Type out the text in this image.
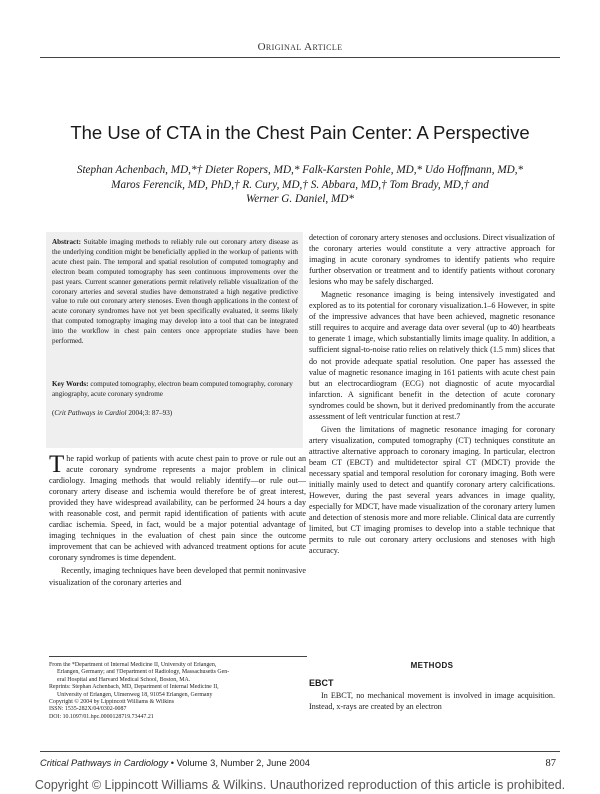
Original Article
The Use of CTA in the Chest Pain Center: A Perspective
Stephan Achenbach, MD,*† Dieter Ropers, MD,* Falk-Karsten Pohle, MD,* Udo Hoffmann, MD,*
Maros Ferencik, MD, PhD,† R. Cury, MD,† S. Abbara, MD,† Tom Brady, MD,† and
Werner G. Daniel, MD*
Abstract: Suitable imaging methods to reliably rule out coronary artery disease as the underlying condition might be beneficially applied in the workup of patients with acute chest pain. The temporal and spatial resolution of computed tomography and electron beam computed tomography has seen continuous improvements over the past years. Current scanner generations permit relatively reliable visualization of the coronary arteries and several studies have demonstrated a high negative predictive value to rule out coronary artery stenoses. Even though applications in the context of acute coronary syndromes have not yet been specifically evaluated, it seems likely that computed tomography imaging may develop into a tool that can be integrated into the workflow in chest pain centers once appropriate studies have been performed.
Key Words: computed tomography, electron beam computed tomography, coronary angiography, acute coronary syndrome
(Crit Pathways in Cardiol 2004;3: 87–93)

The rapid workup of patients with acute chest pain to prove or rule out an acute coronary syndrome represents a major problem in clinical cardiology. Imaging methods that would reliably identify—or rule out—coronary artery disease and ischemia would therefore be of great interest, provided they have widespread availability, can be performed 24 hours a day with reasonable cost, and permit rapid identification of patients with acute cardiac ischemia. Speed, in fact, would be a major potential advantage of imaging techniques in the evaluation of chest pain since the outcome improvement that can be achieved with advanced treatment options for acute coronary syndromes is time dependent.

Recently, imaging techniques have been developed that permit noninvasive visualization of the coronary arteries and

From the *Department of Internal Medicine II, University of Erlangen,
Erlangen, Germany; and †Department of Radiology, Massachusetts Gen-
eral Hospital and Harvard Medical School, Boston, MA.
Reprints: Stephan Achenbach, MD, Department of Internal Medicine II,
University of Erlangen, Ulmenweg 18, 91054 Erlangen, Germany
Copyright © 2004 by Lippincott Williams & Wilkins
ISSN: 1535-282X/04/0302-0087
DOI: 10.1097/01.hpc.0000128719.73447.21

detection of coronary artery stenoses and occlusions. Direct visualization of the coronary arteries would constitute a very attractive approach for imaging in acute coronary syndromes to identify patients who require further observation or treatment and to identify patients without coronary lesions who may be safely discharged.

Magnetic resonance imaging is being intensively investigated and explored as to its potential for coronary visualization.1–6 However, in spite of the impressive advances that have been achieved, magnetic resonance still requires to acquire and average data over several (up to 40) heartbeats to generate 1 image, which substantially limits image quality. In addition, a sufficient signal-to-noise ratio relies on relatively thick (1.5 mm) slices that do not provide adequate spatial resolution. One paper has assessed the value of magnetic resonance imaging in 161 patients with acute chest pain but an electrocardiogram (ECG) not diagnostic of acute myocardial infarction. A significant benefit in the detection of acute coronary syndromes could be shown, but it derived predominantly from the accurate assessment of left ventricular function at rest.7

Given the limitations of magnetic resonance imaging for coronary artery visualization, computed tomography (CT) techniques constitute an attractive alternative approach to coronary imaging. In particular, electron beam CT (EBCT) and multidetector spiral CT (MDCT) provide the necessary spatial and temporal resolution for coronary imaging. Both were initially mainly used to detect and quantify coronary artery calcifications. However, during the past several years advances in image quality, especially for MDCT, have made visualization of the coronary artery lumen and detection of stenosis more and more reliable. Clinical data are currently limited, but CT imaging promises to develop into a stable technique that permits to rule out coronary artery occlusions and stenoses with high accuracy.

METHODS
EBCT

In EBCT, no mechanical movement is involved in image acquisition. Instead, x-rays are created by an electron

Critical Pathways in Cardiology • Volume 3, Number 2, June 2004	87
Copyright © Lippincott Williams & Wilkins. Unauthorized reproduction of this article is prohibited.
